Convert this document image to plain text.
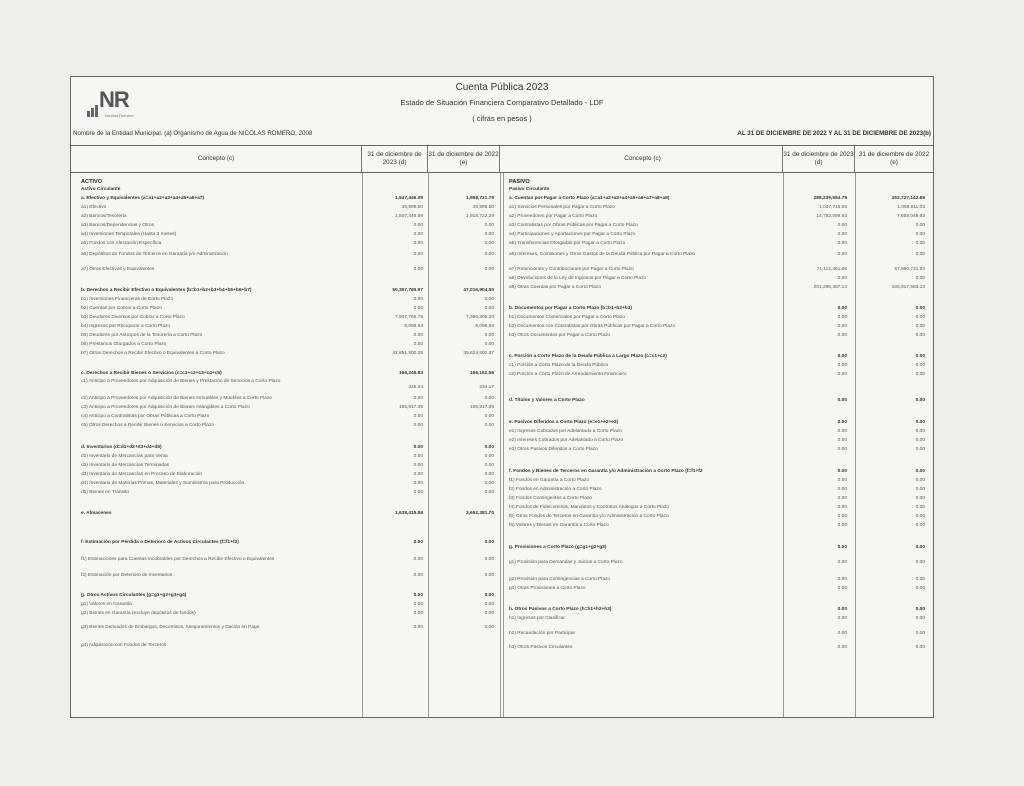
NR
Nicolas Romero
Cuenta Pública 2023
Estado de Situación Financiera Comparativo Detallado - LDF
( cifras en pesos )
Nombre de la Entidad Municipal. (a) Organismo de Agua de NICOLAS ROMERO, 2008	AL 31 DE DICIEMBRE DE 2022 Y AL 31 DE DICIEMBRE DE 2023(b)
Concepto (c)
31 de diciembre de 2023 (d)
31 de diciembre de 2022 (e)
Concepto (c)
31 de diciembre de 2023 (d)
31 de diciembre de 2022 (e)
ACTIVO
Activo Circulante
a. Efectivo y Equivalentes (a=a1+a2+a3+a4+a5+a6+a7)	1,547,446.09	1,958,721.79
a1) Efectivo	39,999.50	39,999.50
a2) Bancos/Tesorería	1,507,446.59	1,918,722.29
a3) Bancos/Dependencias y Otros	0.00	0.00
a4) Inversiones Temporales (Hasta 3 meses)	0.00	0.00
a5) Fondos con Afectación Específica	0.00	0.00
a6) Depósitos de Fondos de Terceros en Garantía y/o Administración	0.00	0.00
a7) Otros Efectivos y Equivalentes	0.00	0.00
b. Derechos a Recibir Efectivo o Equivalentes (b=b1+b2+b3+b4+b5+b6+b7)	50,367,765.97	47,016,904.50
b1) Inversiones Financieras de Corto Plazo	0.00	0.00
b2) Cuentas por Cobrar a Corto Plazo	0.00	0.00
b3) Deudores Diversos por Cobrar a Corto Plazo	7,507,766.79	7,386,305.20
b4) Ingresos por Recuperar a Corto Plazo	8,096.93	8,096.93
b5) Deudores por Anticipos de la Tesorería a Corto Plazo	0.00	0.00
b6) Préstamos Otorgados a Corto Plazo	0.00	0.00
b7) Otros Derechos a Recibir Efectivo o Equivalentes a Corto Plazo	42,851,900.25	39,624,502.37
c. Derechos a Recibir Bienes o Servicios (c=c1+c2+c3+c4+c5)	166,245.83	166,151.56
c1) Anticipo a Proveedores por Adquisición de Bienes y Prestación de Servicios a Corto Plazo
326.44	234.17
c2) Anticipo a Proveedores por Adquisición de Bienes Inmuebles y Muebles a Corto Plazo	0.00	0.00
c3) Anticipo a Proveedores por Adquisición de Bienes Intangibles a Corto Plazo	165,917.39	165,917.39
c4) Anticipo a Contratistas por Obras Públicas a Corto Plazo	0.00	0.00
c5) Otros Derechos a Recibir Bienes o Servicios a Corto Plazo	0.00	0.00
d. Inventarios (d=d1+d2+d3+d4+d5)	0.00	0.00
d1) Inventario de Mercancías para Venta	0.00	0.00
d2) Inventario de Mercancías Terminadas	0.00	0.00
d3) Inventario de Mercancías en Proceso de Elaboración	0.00	0.00
d4) Inventario de Materias Primas, Materiales y Suministros para Producción	0.00	0.00
d5) Bienes en Tránsito	0.00	0.00
e. Almacenes	1,638,415.88	3,652,381.70
f. Estimación por Pérdida o Deterioro de Activos Circulantes (f=f1+f2)	0.00	0.00
f1) Estimaciones para Cuentas Incobrables por Derechos a Recibir Efectivo o Equivalentes	0.00	0.00
f2) Estimación por Deterioro de Inventarios	0.00	0.00
g. Otros Activos Circulantes (g=g1+g2+g3+g4)	0.00	0.00
g1) Valores en Garantía	0.00	0.00
g2) Bienes en Garantía (excluye depósitos de fondos)	0.00	0.00
g3) Bienes Derivados de Embargos, Decomisos, Aseguramientos y Dación en Pago	0.00	0.00
g4) Adquisición con Fondos de Terceros
PASIVO
Pasivo Circulante
a. Cuentas por Pagar a Corto Plazo (a=a1+a2+a3+a4+a5+a6+a7+a8+a9)	288,239,554.79	252,727,142.69
a1) Servicios Personales por Pagar a Corto Plazo	1,037,715.95	1,059,811.03
a2) Proveedores por Pagar a Corto Plazo	14,792,099.93	7,669,049.63
a3) Contratistas por Obras Públicas por Pagar a Corto Plazo	0.00	0.00
a4) Participaciones y Aportaciones por Pagar a Corto Plazo	0.00	0.00
a5) Transferencias Otorgadas por Pagar a Corto Plazo	0.00	0.00
a6) Intereses, Comisiones y Otros Gastos de la Deuda Pública por Pagar a Corto Plazo	0.00	0.00
a7) Retenciones y Contribuciones por Pagar a Corto Plazo	71,112,461.06	57,980,731.93
a8) Devoluciones de la Ley de Ingresos por Pagar a Corto Plazo	0.00	0.00
a9) Otras Cuentas por Pagar a Corto Plazo	201,296,387.14	185,917,583.13
b. Documentos por Pagar a Corto Plazo (b=b1+b2+b3)	0.00	0.00
b1) Documentos Comerciales por Pagar a Corto Plazo	0.00	0.00
b2) Documentos con Contratistas por Obras Públicas por Pagar a Corto Plazo	0.00	0.00
b3) Otros Documentos por Pagar a Corto Plazo	0.00	0.00
c. Porción a Corto Plazo de la Deuda Pública a Largo Plazo (c=c1+c2)	0.00	0.00
c1) Porción a Corto Plazo de la Deuda Pública	0.00	0.00
c2) Porción a Corto Plazo de Arrendamiento Financiero	0.00	0.00
d. Títulos y Valores a Corto Plazo	0.00	0.00
e. Pasivos Diferidos a Corto Plazo (e=e1+e2+e3)	0.00	0.00
e1) Ingresos Cobrados por Adelantado a Corto Plazo	0.00	0.00
e2) Intereses Cobrados por Adelantado a Corto Plazo	0.00	0.00
e3) Otros Pasivos Diferidos a Corto Plazo	0.00	0.00
f. Fondos y Bienes de Terceros en Garantía y/o Administración a Corto Plazo (f=f1+f2	0.00	0.00
f1) Fondos en Garantía a Corto Plazo	0.00	0.00
f2) Fondos en Administración a Corto Plazo	0.00	0.00
f3) Fondos Contingentes a Corto Plazo	0.00	0.00
f4) Fondos de Fideicomisos, Mandatos y Contratos Análogos a Corto Plazo	0.00	0.00
f5) Otros Fondos de Terceros en Garantía y/o Administración a Corto Plazo	0.00	0.00
f6) Valores y Bienes en Garantía a Corto Plazo	0.00	0.00
g. Provisiones a Corto Plazo (g=g1+g2+g3)	0.00	0.00
g1) Provisión para Demandas y Juicios a Corto Plazo	0.00	0.00
g2) Provisión para Contingencias a Corto Plazo	0.00	0.00
g3) Otras Provisiones a Corto Plazo	0.00	0.00
h. Otros Pasivos a Corto Plazo (h=h1+h2+h3)	0.00	0.00
h1) Ingresos por Clasificar	0.00	0.00
h2) Recaudación por Participar	0.00	0.00
h3) Otros Pasivos Circulantes	0.00	0.00
